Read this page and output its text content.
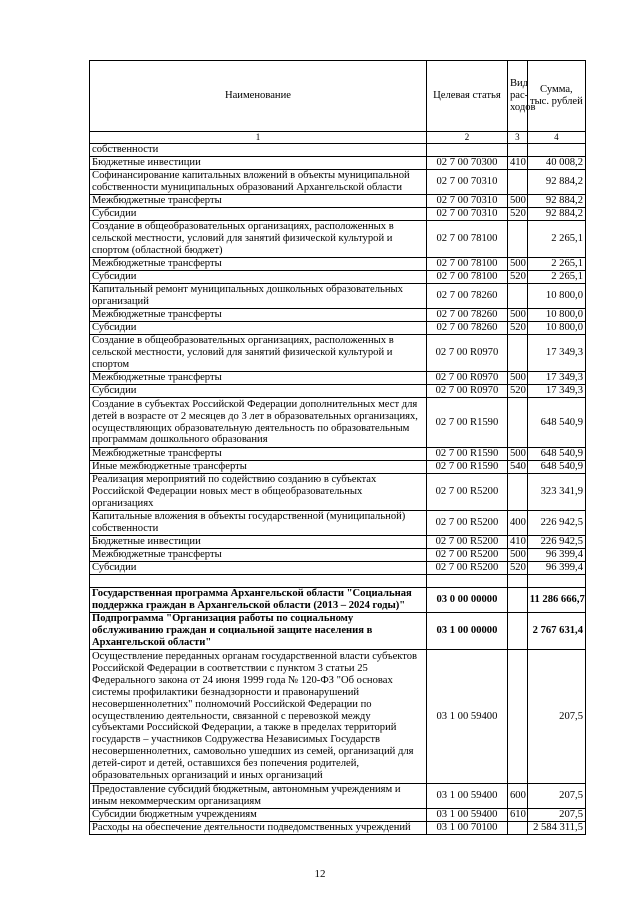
Наименование	Целевая статья	Вид рас-ходов	Сумма, тыс. рублей
1	2	3	4
собственности			
Бюджетные инвестиции	02 7 00 70300	410	40 008,2
Софинансирование капитальных вложений в объекты муниципальной собственности муниципальных образований Архангельской области	02 7 00 70310		92 884,2
Межбюджетные трансферты	02 7 00 70310	500	92 884,2
Субсидии	02 7 00 70310	520	92 884,2
Создание в общеобразовательных организациях, расположенных в сельской местности, условий для занятий физической культурой и спортом (областной бюджет)	02 7 00 78100		2 265,1
Межбюджетные трансферты	02 7 00 78100	500	2 265,1
Субсидии	02 7 00 78100	520	2 265,1
Капитальный ремонт муниципальных дошкольных образовательных организаций	02 7 00 78260		10 800,0
Межбюджетные трансферты	02 7 00 78260	500	10 800,0
Субсидии	02 7 00 78260	520	10 800,0
Создание в общеобразовательных организациях, расположенных в сельской местности, условий для занятий физической культурой и спортом	02 7 00 R0970		17 349,3
Межбюджетные трансферты	02 7 00 R0970	500	17 349,3
Субсидии	02 7 00 R0970	520	17 349,3
Создание в субъектах Российской Федерации дополнительных мест для детей в возрасте от 2 месяцев до 3 лет в образовательных организациях, осуществляющих образовательную деятельность по образовательным программам дошкольного образования	02 7 00 R1590		648 540,9
Межбюджетные трансферты	02 7 00 R1590	500	648 540,9
Иные межбюджетные трансферты	02 7 00 R1590	540	648 540,9
Реализация мероприятий по содействию созданию в субъектах Российской Федерации новых мест в общеобразовательных организациях	02 7 00 R5200		323 341,9
Капитальные вложения в объекты государственной (муниципальной) собственности	02 7 00 R5200	400	226 942,5
Бюджетные инвестиции	02 7 00 R5200	410	226 942,5
Межбюджетные трансферты	02 7 00 R5200	500	96 399,4
Субсидии	02 7 00 R5200	520	96 399,4

Государственная программа Архангельской области "Социальная поддержка граждан в Архангельской области (2013 – 2024 годы)"	03 0 00 00000		11 286 666,7
Подпрограмма "Организация работы по социальному обслуживанию граждан и социальной защите населения в Архангельской области"	03 1 00 00000		2 767 631,4
Осуществление переданных органам государственной власти субъектов Российской Федерации в соответствии с пунктом 3 статьи 25 Федерального закона от 24 июня 1999 года № 120-ФЗ "Об основах системы профилактики безнадзорности и правонарушений несовершеннолетних" полномочий Российской Федерации по осуществлению деятельности, связанной с перевозкой между субъектами Российской Федерации, а также в пределах территорий государств – участников Содружества Независимых Государств несовершеннолетних, самовольно ушедших из семей, организаций для детей-сирот и детей, оставшихся без попечения родителей, образовательных организаций и иных организаций	03 1 00 59400		207,5
Предоставление субсидий бюджетным, автономным учреждениям и иным некоммерческим организациям	03 1 00 59400	600	207,5
Субсидии бюджетным учреждениям	03 1 00 59400	610	207,5
Расходы на обеспечение деятельности подведомственных учреждений	03 1 00 70100		2 584 311,5
12
